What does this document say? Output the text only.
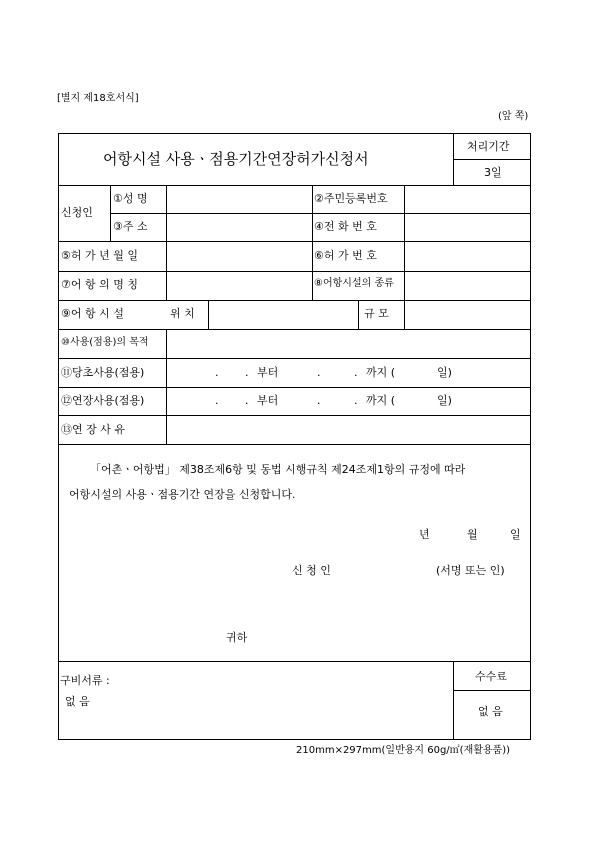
[별지 제18호서식]
(앞 쪽)
어항시설 사용ㆍ점용기간연장허가신청서
처리기간
3일
신청인
①성 명	②주민등록번호
③주 소	④전 화 번 호
⑤허 가 년 월 일	⑥허 가 번 호
⑦어 항 의 명 칭	⑧어항시설의 종류
⑨어 항 시 설	위 치	규 모
⑩사용(점용)의 목적
⑪당초사용(점용)	. . 부터	.	. 까지 (	일)
⑫연장사용(점용)	. . 부터	.	. 까지 (	일)
⑬연 장 사 유
「어촌ㆍ어항법」 제38조제6항 및 동법 시행규칙 제24조제1항의 규정에 따라
어항시설의 사용ㆍ점용기간 연장을 신청합니다.
년	월	일
신 청 인	(서명 또는 인)
귀하
구비서류 :
없 음
수수료
없 음
210mm×297mm(일반용지 60g/㎡(재활용품))
